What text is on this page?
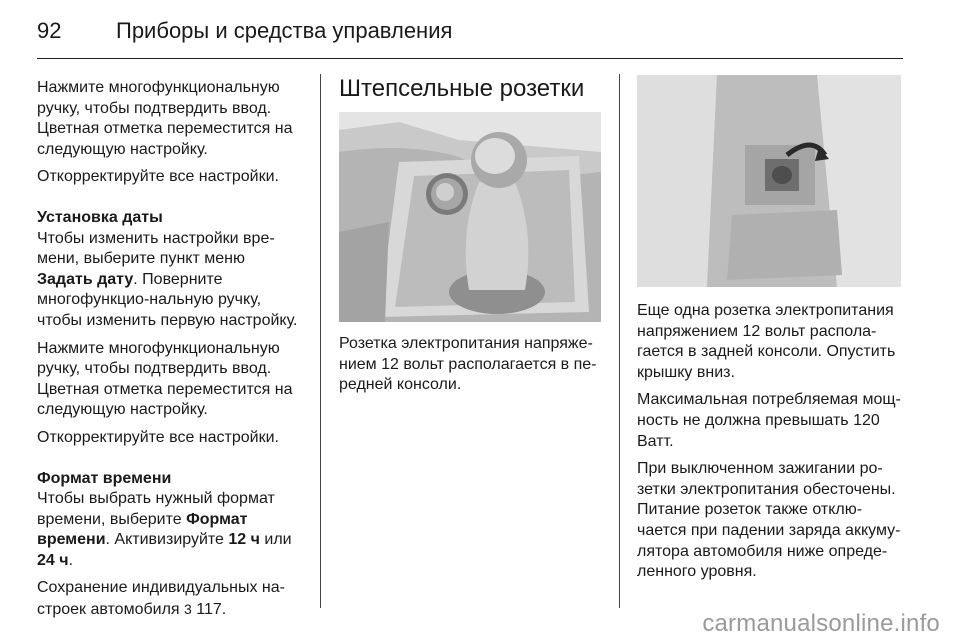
92 Приборы и средства управления

Нажмите многофункциональную ручку, чтобы подтвердить ввод. Цветная отметка переместится на следующую настройку.

Откорректируйте все настройки.

Установка даты

Чтобы изменить настройки вре-мени, выберите пункт меню Задать дату. Поверните многофункцио-нальную ручку, чтобы изменить первую настройку.

Нажмите многофункциональную ручку, чтобы подтвердить ввод. Цветная отметка переместится на следующую настройку.

Откорректируйте все настройки.

Формат времени

Чтобы выбрать нужный формат времени, выберите Формат времени. Активизируйте 12 ч или 24 ч.

Сохранение индивидуальных на-строек автомобиля 3 117.

Штепсельные розетки

Розетка электропитания напряже-нием 12 вольт располагается в пе-редней консоли.

Еще одна розетка электропитания напряжением 12 вольт распола-гается в задней консоли. Опустить крышку вниз.

Максимальная потребляемая мощ-ность не должна превышать 120 Ватт.

При выключенном зажигании ро-зетки электропитания обесточены. Питание розеток также отклю-чается при падении заряда аккуму-лятора автомобиля ниже опреде-ленного уровня.

carmanualsonline.info
